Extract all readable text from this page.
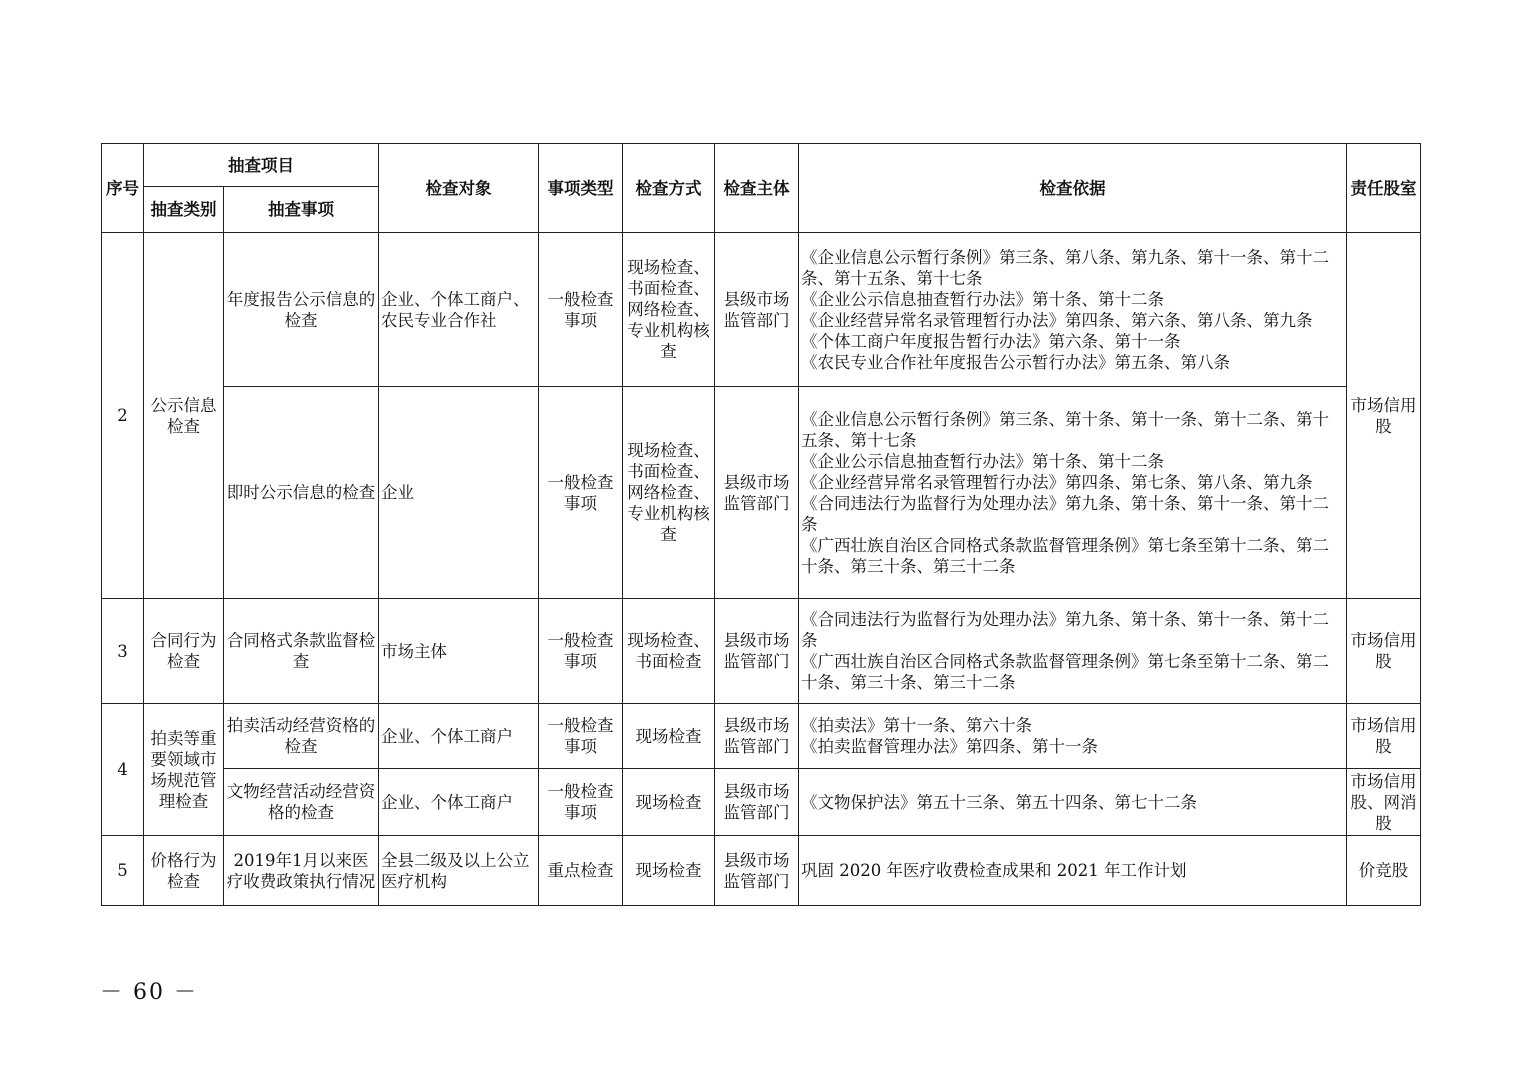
序号	抽查项目		检查对象	事项类型	检查方式	检查主体	检查依据	责任股室
	抽查类别	抽查事项						
2	公示信息检查	年度报告公示信息的检查	企业、个体工商户、农民专业合作社	一般检查事项	现场检查、书面检查、网络检查、专业机构核查	县级市场监管部门	《企业信息公示暂行条例》第三条、第八条、第九条、第十一条、第十二条、第十五条、第十七条
《企业公示信息抽查暂行办法》第十条、第十二条
《企业经营异常名录管理暂行办法》第四条、第六条、第八条、第九条
《个体工商户年度报告暂行办法》第六条、第十一条
《农民专业合作社年度报告公示暂行办法》第五条、第八条	市场信用股
		即时公示信息的检查	企业	一般检查事项	现场检查、书面检查、网络检查、专业机构核查	县级市场监管部门	《企业信息公示暂行条例》第三条、第十条、第十一条、第十二条、第十五条、第十七条
《企业公示信息抽查暂行办法》第十条、第十二条
《企业经营异常名录管理暂行办法》第四条、第七条、第八条、第九条
《合同违法行为监督行为处理办法》第九条、第十条、第十一条、第十二条
《广西壮族自治区合同格式条款监督管理条例》第七条至第十二条、第二十条、第三十条、第三十二条	

3	合同行为检查	合同格式条款监督检查	市场主体	一般检查事项	现场检查、书面检查	县级市场监管部门	《合同违法行为监督行为处理办法》第九条、第十条、第十一条、第十二条
《广西壮族自治区合同格式条款监督管理条例》第七条至第十二条、第二十条、第三十条、第三十二条	市场信用股
4	拍卖等重要领域市场规范管理检查	拍卖活动经营资格的检查	企业、个体工商户	一般检查事项	现场检查	县级市场监管部门	《拍卖法》第十一条、第六十条
《拍卖监督管理办法》第四条、第十一条	市场信用股
		文物经营活动经营资格的检查	企业、个体工商户	一般检查事项	现场检查	县级市场监管部门	《文物保护法》第五十三条、第五十四条、第七十二条	市场信用股、网消股
5	价格行为检查	2019年1月以来医疗收费政策执行情况	全县二级及以上公立医疗机构	重点检查	现场检查	县级市场监管部门	巩固 2020 年医疗收费检查成果和 2021 年工作计划	价竞股
－ 60 －
